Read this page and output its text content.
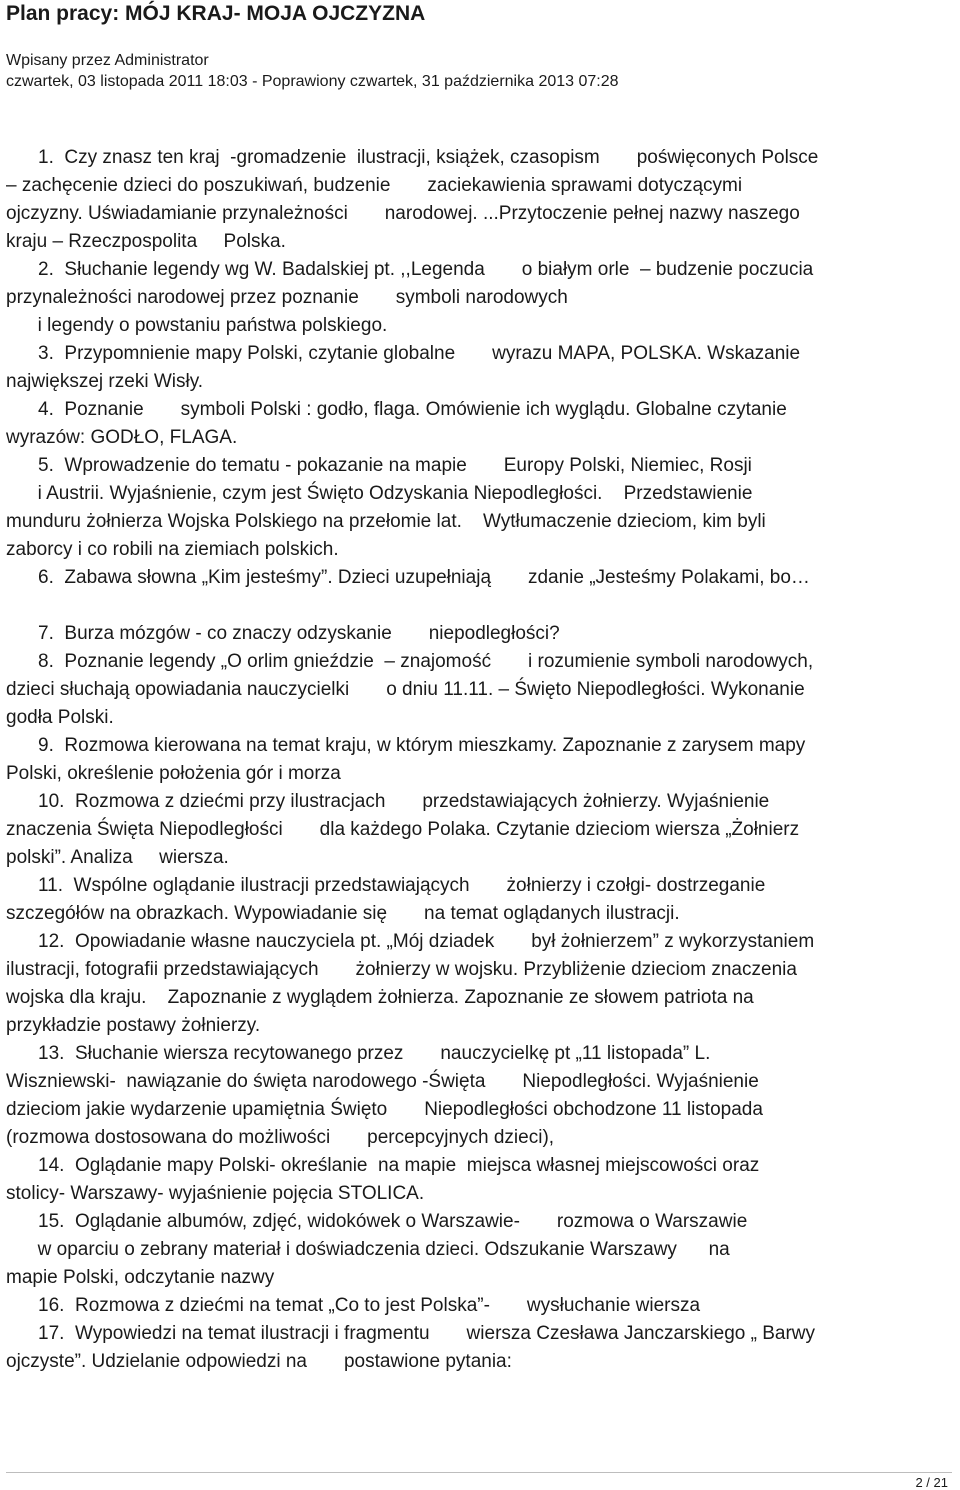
Plan pracy: MÓJ KRAJ- MOJA OJCZYZNA
Wpisany przez Administrator
czwartek, 03 listopada 2011 18:03 - Poprawiony czwartek, 31 października 2013 07:28
1.  Czy znasz ten kraj  -gromadzenie  ilustracji, książek, czasopism       poświęconych Polsce
– zachęcenie dzieci do poszukiwań, budzenie       zaciekawienia sprawami dotyczącymi
ojczyzny. Uświadamianie przynależności       narodowej. ...Przytoczenie pełnej nazwy naszego
kraju – Rzeczpospolita     Polska.
2.  Słuchanie legendy wg W. Badalskiej pt. ,,Legenda       o białym orle  – budzenie poczucia
przynależności narodowej przez poznanie       symboli narodowych
i legendy o powstaniu państwa polskiego.
3.  Przypomnienie mapy Polski, czytanie globalne       wyrazu MAPA, POLSKA. Wskazanie
największej rzeki Wisły.
4.  Poznanie       symboli Polski : godło, flaga. Omówienie ich wyglądu. Globalne czytanie
wyrazów: GODŁO, FLAGA.
5.  Wprowadzenie do tematu - pokazanie na mapie       Europy Polski, Niemiec, Rosji
i Austrii. Wyjaśnienie, czym jest Święto Odzyskania Niepodległości.    Przedstawienie
munduru żołnierza Wojska Polskiego na przełomie lat.    Wytłumaczenie dzieciom, kim byli
zaborcy i co robili na ziemiach polskich.
6.  Zabawa słowna „Kim jesteśmy”. Dzieci uzupełniają       zdanie „Jesteśmy Polakami, bo…
7.  Burza mózgów - co znaczy odzyskanie       niepodległości?
8.  Poznanie legendy „O orlim gnieździe  – znajomość       i rozumienie symboli narodowych,
dzieci słuchają opowiadania nauczycielki       o dniu 11.11. – Święto Niepodległości. Wykonanie
godła Polski.
9.  Rozmowa kierowana na temat kraju, w którym mieszkamy. Zapoznanie z zarysem mapy
Polski, określenie położenia gór i morza
10.  Rozmowa z dziećmi przy ilustracjach       przedstawiających żołnierzy. Wyjaśnienie
znaczenia Święta Niepodległości       dla każdego Polaka. Czytanie dzieciom wiersza „Żołnierz
polski”. Analiza     wiersza.
11.  Wspólne oglądanie ilustracji przedstawiających       żołnierzy i czołgi- dostrzeganie
szczegółów na obrazkach. Wypowiadanie się       na temat oglądanych ilustracji.
12.  Opowiadanie własne nauczyciela pt. „Mój dziadek       był żołnierzem” z wykorzystaniem
ilustracji, fotografii przedstawiających       żołnierzy w wojsku. Przybliżenie dzieciom znaczenia
wojska dla kraju.    Zapoznanie z wyglądem żołnierza. Zapoznanie ze słowem patriota na
przykładzie postawy żołnierzy.
13.  Słuchanie wiersza recytowanego przez       nauczycielkę pt „11 listopada” L.
Wiszniewski-  nawiązanie do święta narodowego -Święta       Niepodległości. Wyjaśnienie
dzieciom jakie wydarzenie upamiętnia Święto       Niepodległości obchodzone 11 listopada
(rozmowa dostosowana do możliwości       percepcyjnych dzieci),
14.  Oglądanie mapy Polski- określanie  na mapie  miejsca własnej miejscowości oraz
stolicy- Warszawy- wyjaśnienie pojęcia STOLICA.
15.  Oglądanie albumów, zdjęć, widokówek o Warszawie-       rozmowa o Warszawie
w oparciu o zebrany materiał i doświadczenia dzieci. Odszukanie Warszawy      na
mapie Polski, odczytanie nazwy
16.  Rozmowa z dziećmi na temat „Co to jest Polska”-       wysłuchanie wiersza
17.  Wypowiedzi na temat ilustracji i fragmentu       wiersza Czesława Janczarskiego „ Barwy
ojczyste”. Udzielanie odpowiedzi na       postawione pytania:
2 / 21
